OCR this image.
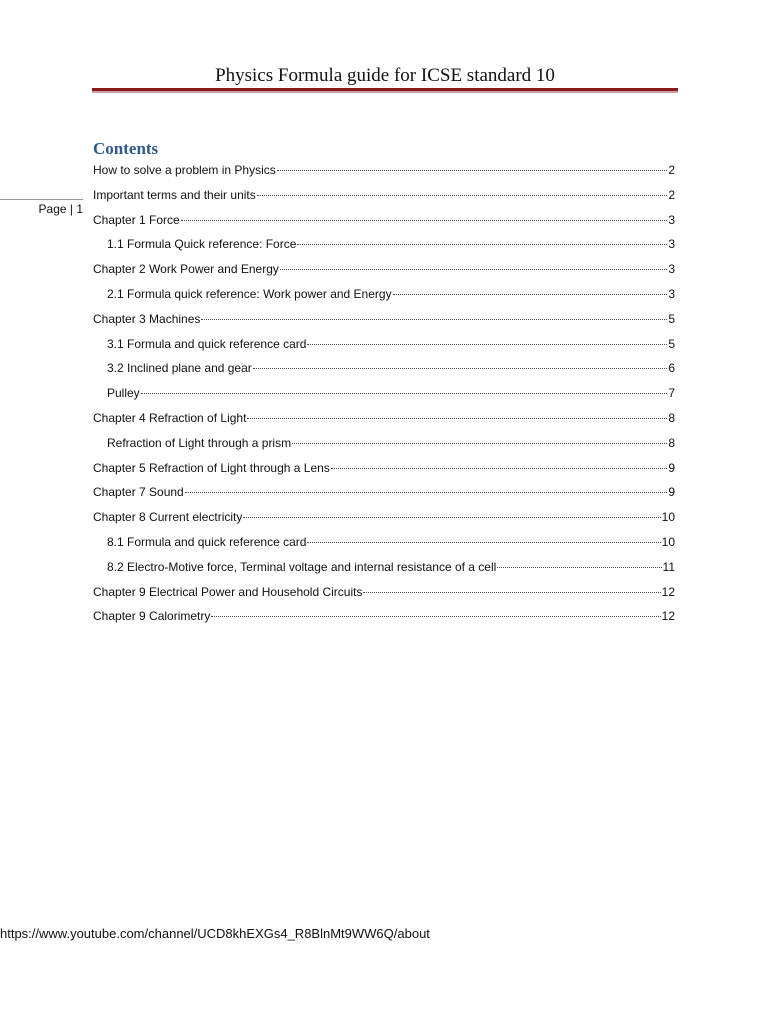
Physics Formula guide for ICSE standard 10
Page | 1
Contents
How to solve a problem in Physics	2
Important terms and their units	2
Chapter 1 Force	3
1.1 Formula Quick reference: Force	3
Chapter 2 Work Power and Energy	3
2.1 Formula quick reference: Work power and Energy	3
Chapter 3 Machines	5
3.1 Formula and quick reference card	5
3.2 Inclined plane and gear	6
Pulley	7
Chapter 4 Refraction of Light	8
Refraction of Light through a prism	8
Chapter 5 Refraction of Light through a Lens	9
Chapter 7 Sound	9
Chapter 8 Current electricity	10
8.1 Formula and quick reference card	10
8.2 Electro-Motive force, Terminal voltage and internal resistance of a cell	11
Chapter 9 Electrical Power and Household Circuits	12
Chapter 9 Calorimetry	12
https://www.youtube.com/channel/UCD8khEXGs4_R8BlnMt9WW6Q/about
